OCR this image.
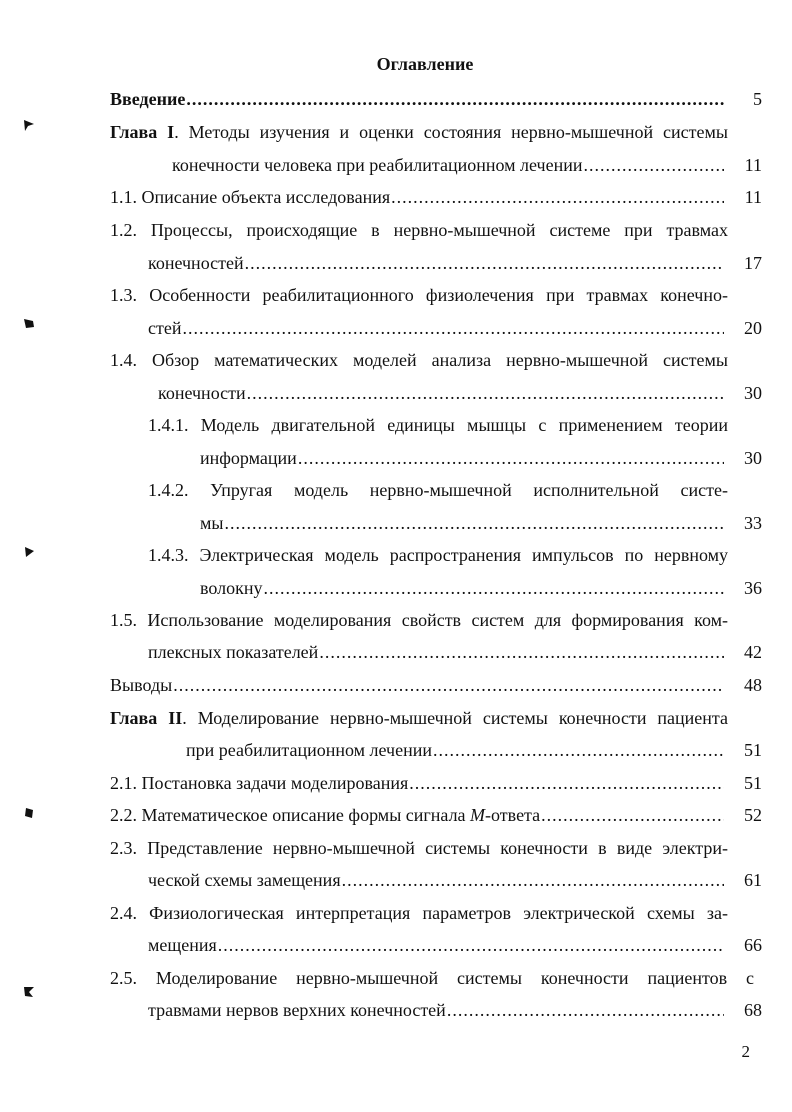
Оглавление
Введение .....	5
Глава I. Методы изучения и оценки состояния нервно-мышечной системы
конечности человека при реабилитационном лечении .....	11
1.1. Описание объекта исследования .....	11
1.2. Процессы, происходящие в нервно-мышечной системе при травмах
конечностей .....	17
1.3. Особенности реабилитационного физиолечения при травмах конечно-
стей .....	20
1.4. Обзор математических моделей анализа нервно-мышечной системы
конечности .....	30
1.4.1. Модель двигательной единицы мышцы с применением теории
информации .....	30
1.4.2. Упругая модель нервно-мышечной исполнительной систе-
мы .....	33
1.4.3. Электрическая модель распространения импульсов по нервному
волокну .....	36
1.5. Использование моделирования свойств систем для формирования ком-
плексных показателей .....	42
Выводы .....	48
Глава II. Моделирование нервно-мышечной системы конечности пациента
при реабилитационном лечении .....	51
2.1. Постановка задачи моделирования .....	51
2.2. Математическое описание формы сигнала M-ответа .....	52
2.3. Представление нервно-мышечной системы конечности в виде электри-
ческой схемы замещения .....	61
2.4. Физиологическая интерпретация параметров электрической схемы за-
мещения .....	66
2.5. Моделирование нервно-мышечной системы конечности пациентов с
травмами нервов верхних конечностей .....	68
2
